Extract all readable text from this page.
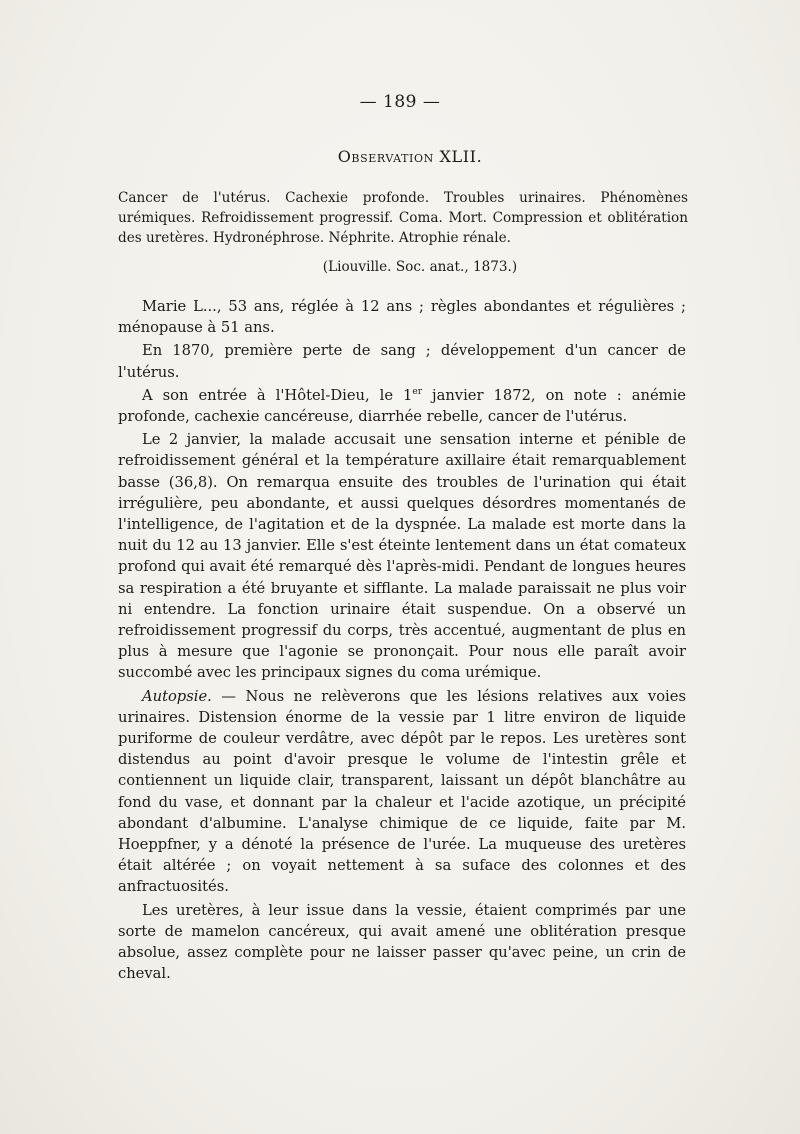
— 189 —
Observation XLII.
Cancer de l'utérus. Cachexie profonde. Troubles urinaires. Phénomènes urémiques. Refroidissement progressif. Coma. Mort. Compression et oblitération des uretères. Hydronéphrose. Néphrite. Atrophie rénale.
(Liouville. Soc. anat., 1873.)

Marie L..., 53 ans, réglée à 12 ans ; règles abondantes et régulières ; ménopause à 51 ans.

En 1870, première perte de sang ; développement d'un cancer de l'utérus.

A son entrée à l'Hôtel-Dieu, le 1er janvier 1872, on note : anémie profonde, cachexie cancéreuse, diarrhée rebelle, cancer de l'utérus.

Le 2 janvier, la malade accusait une sensation interne et pénible de refroidissement général et la température axillaire était remarquablement basse (36,8). On remarqua ensuite des troubles de l'urination qui était irrégulière, peu abondante, et aussi quelques désordres momentanés de l'intelligence, de l'agitation et de la dyspnée. La malade est morte dans la nuit du 12 au 13 janvier. Elle s'est éteinte lentement dans un état comateux profond qui avait été remarqué dès l'après-midi. Pendant de longues heures sa respiration a été bruyante et sifflante. La malade paraissait ne plus voir ni entendre. La fonction urinaire était suspendue. On a observé un refroidissement progressif du corps, très accentué, augmentant de plus en plus à mesure que l'agonie se prononçait. Pour nous elle paraît avoir succombé avec les principaux signes du coma urémique.

Autopsie. — Nous ne relèverons que les lésions relatives aux voies urinaires. Distension énorme de la vessie par 1 litre environ de liquide puriforme de couleur verdâtre, avec dépôt par le repos. Les uretères sont distendus au point d'avoir presque le volume de l'intestin grêle et contiennent un liquide clair, transparent, laissant un dépôt blanchâtre au fond du vase, et donnant par la chaleur et l'acide azotique, un précipité abondant d'albumine. L'analyse chimique de ce liquide, faite par M. Hoeppfner, y a dénoté la présence de l'urée. La muqueuse des uretères était altérée ; on voyait nettement à sa suface des colonnes et des anfractuosités.

Les uretères, à leur issue dans la vessie, étaient comprimés par une sorte de mamelon cancéreux, qui avait amené une oblitération presque absolue, assez complète pour ne laisser passer qu'avec peine, un crin de cheval.
